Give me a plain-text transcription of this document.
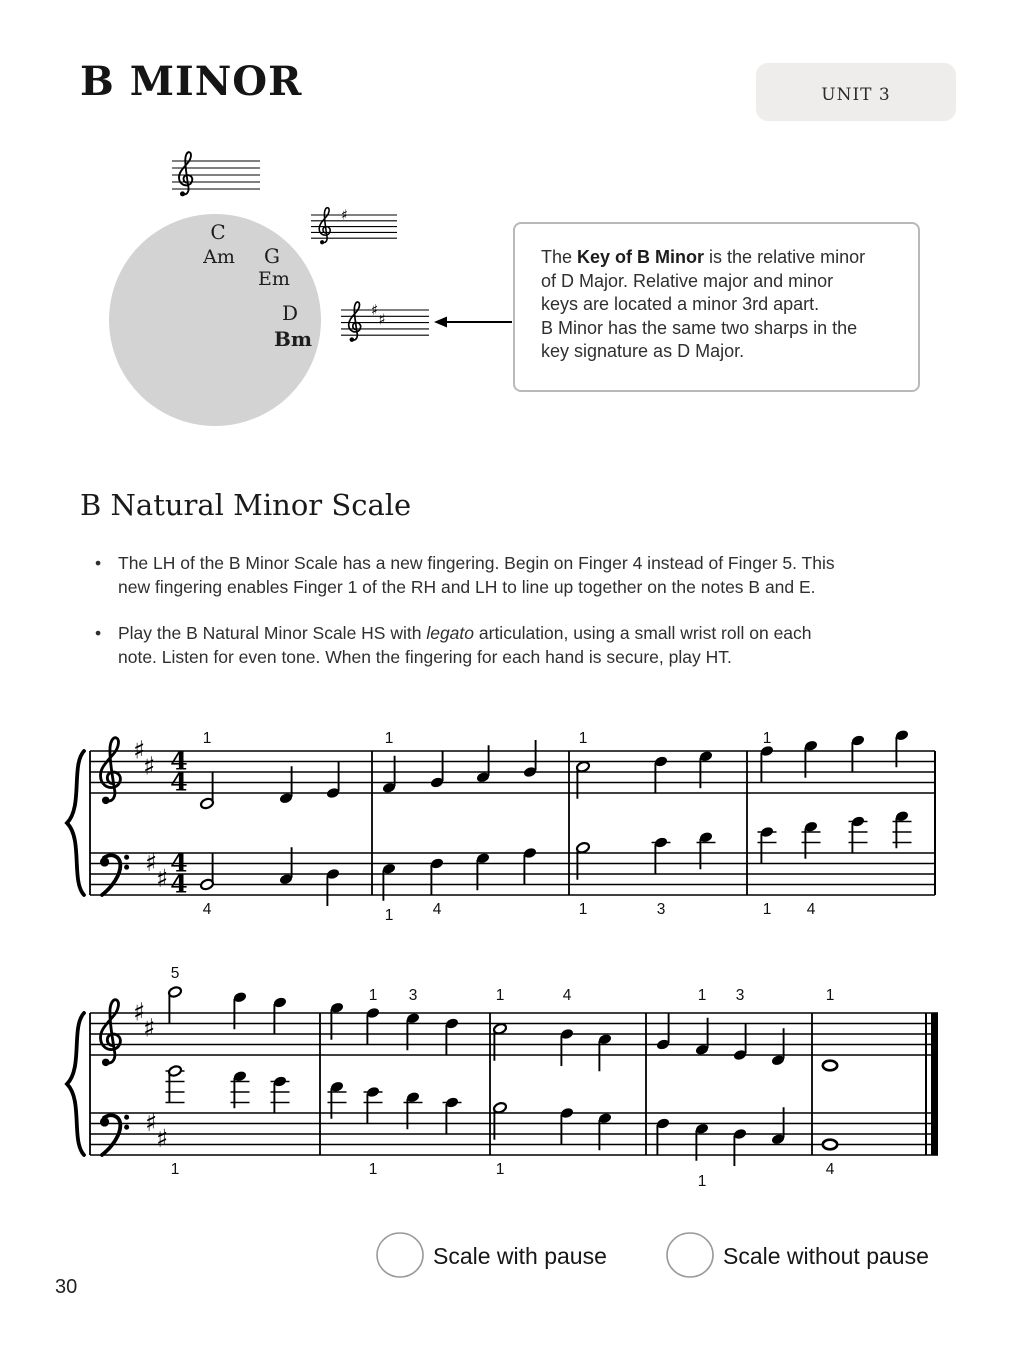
C
Am G
Em
D
Bm
♯
♯
♯
♯
♯ 4
4
1	1	1	1
♯
♯
4
4
4	1	4	1	3	1 4
♯
♯
5
1 3	1	4	1 3	1
♯
♯
1	1	1
1
4
B MINOR	UNIT 3
The Key of B Minor is the relative minor
of D Major. Relative major and minor
keys are located a minor 3rd apart.
B Minor has the same two sharps in the
key signature as D Major.
B Natural Minor Scale
• The LH of the B Minor Scale has a new fingering. Begin on Finger 4 instead of Finger 5. This
new fingering enables Finger 1 of the RH and LH to line up together on the notes B and E.
• Play the B Natural Minor Scale HS with legato articulation, using a small wrist roll on each
note. Listen for even tone. When the fingering for each hand is secure, play HT.
Scale with pause	Scale without pause
30
